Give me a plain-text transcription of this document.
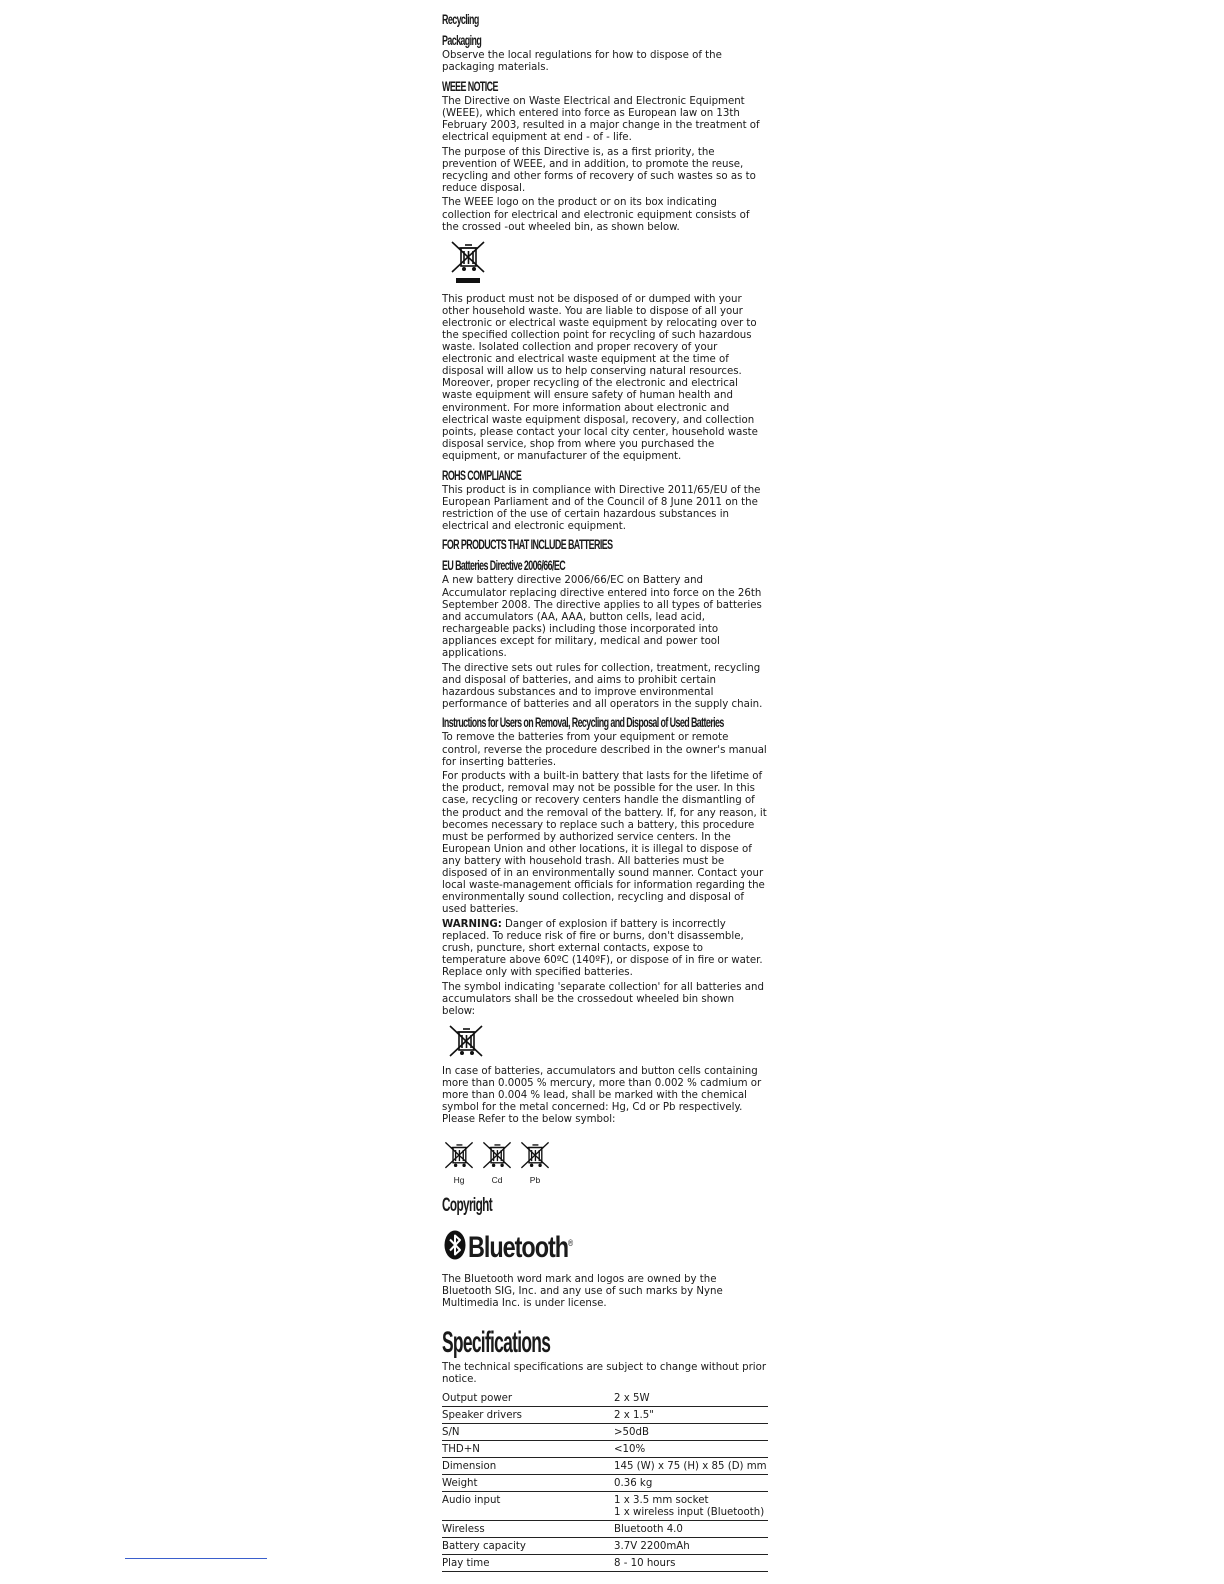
Recycling
Packaging

Observe the local regulations for how to dispose of the packaging materials.

WEEE NOTICE

The Directive on Waste Electrical and Electronic Equipment (WEEE), which entered into force as European law on 13th February 2003, resulted in a major change in the treatment of electrical equipment at end - of - life.

The purpose of this Directive is, as a first priority, the prevention of WEEE, and in addition, to promote the reuse, recycling and other forms of recovery of such wastes so as to reduce disposal.

The WEEE logo on the product or on its box indicating collection for electrical and electronic equipment consists of the crossed -out wheeled bin, as shown below.

This product must not be disposed of or dumped with your other household waste. You are liable to dispose of all your electronic or electrical waste equipment by relocating over to the specified collection point for recycling of such hazardous waste. Isolated collection and proper recovery of your electronic and electrical waste equipment at the time of disposal will allow us to help conserving natural resources. Moreover, proper recycling of the electronic and electrical waste equipment will ensure safety of human health and environment. For more information about electronic and electrical waste equipment disposal, recovery, and collection points, please contact your local city center, household waste disposal service, shop from where you purchased the equipment, or manufacturer of the equipment.

ROHS COMPLIANCE

This product is in compliance with Directive 2011/65/EU of the European Parliament and of the Council of 8 June 2011 on the restriction of the use of certain hazardous substances in electrical and electronic equipment.

FOR PRODUCTS THAT INCLUDE BATTERIES
EU Batteries Directive 2006/66/EC

A new battery directive 2006/66/EC on Battery and Accumulator replacing directive entered into force on the 26th September 2008. The directive applies to all types of batteries and accumulators (AA, AAA, button cells, lead acid, rechargeable packs) including those incorporated into appliances except for military, medical and power tool applications.

The directive sets out rules for collection, treatment, recycling and disposal of batteries, and aims to prohibit certain hazardous substances and to improve environmental performance of batteries and all operators in the supply chain.

Instructions for Users on Removal, Recycling and Disposal of Used Batteries

To remove the batteries from your equipment or remote control, reverse the procedure described in the owner's manual for inserting batteries.

For products with a built-in battery that lasts for the lifetime of the product, removal may not be possible for the user. In this case, recycling or recovery centers handle the dismantling of the product and the removal of the battery. If, for any reason, it becomes necessary to replace such a battery, this procedure must be performed by authorized service centers. In the European Union and other locations, it is illegal to dispose of any battery with household trash. All batteries must be disposed of in an environmentally sound manner. Contact your local waste-management officials for information regarding the environmentally sound collection, recycling and disposal of used batteries.

WARNING: Danger of explosion if battery is incorrectly replaced. To reduce risk of fire or burns, don't disassemble, crush, puncture, short external contacts, expose to temperature above 60ºC (140ºF), or dispose of in fire or water. Replace only with specified batteries.

The symbol indicating 'separate collection' for all batteries and accumulators shall be the crossedout wheeled bin shown below:

In case of batteries, accumulators and button cells containing more than 0.0005 % mercury, more than 0.002 % cadmium or more than 0.004 % lead, shall be marked with the chemical symbol for the metal concerned: Hg, Cd or Pb respectively. Please Refer to the below symbol:

Hg	Cd	Pb
Copyright
Bluetooth®

The Bluetooth word mark and logos are owned by the Bluetooth SIG, Inc. and any use of such marks by Nyne Multimedia Inc. is under license.

Specifications

The technical specifications are subject to change without prior notice.

Output power	2 x 5W
Speaker drivers	2 x 1.5"
S/N	>50dB
THD+N	<10%
Dimension	145 (W) x 75 (H) x 85 (D) mm
Weight	0.36 kg
Audio input	1 x 3.5 mm socket
1 x wireless input (Bluetooth)

Wireless	Bluetooth 4.0
Battery capacity	3.7V 2200mAh
Play time	8 - 10 hours
